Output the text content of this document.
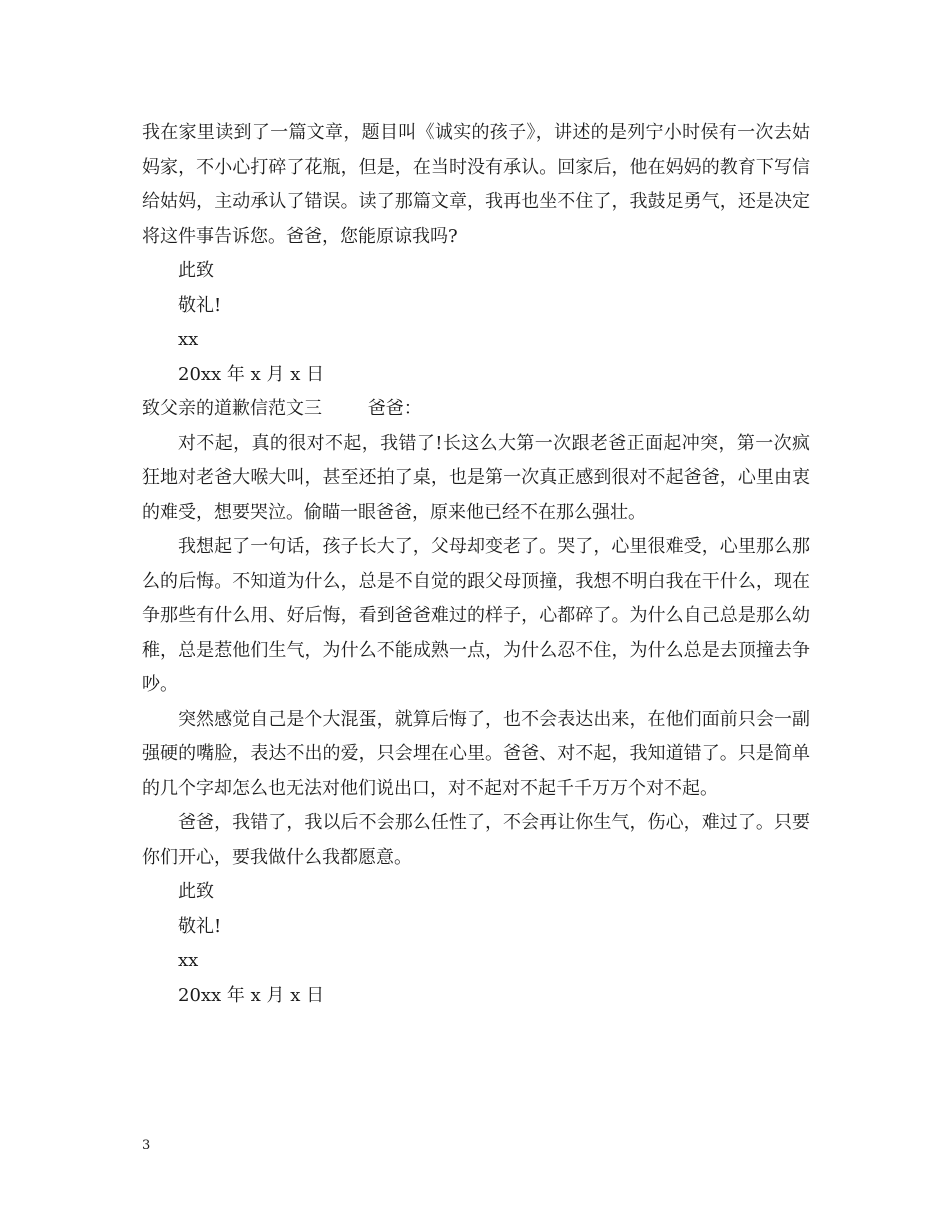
我在家里读到了一篇文章，题目叫《诚实的孩子》，讲述的是列宁小时侯有一次去姑妈家，不小心打碎了花瓶，但是，在当时没有承认。回家后，他在妈妈的教育下写信给姑妈，主动承认了错误。读了那篇文章，我再也坐不住了，我鼓足勇气，还是决定将这件事告诉您。爸爸，您能原谅我吗?

此致

敬礼!

xx

20xx 年 x 月 x 日

致父亲的道歉信范文三	爸爸：

对不起，真的很对不起，我错了!长这么大第一次跟老爸正面起冲突，第一次疯狂地对老爸大喉大叫，甚至还拍了桌，也是第一次真正感到很对不起爸爸，心里由衷的难受，想要哭泣。偷瞄一眼爸爸，原来他已经不在那么强壮。

我想起了一句话，孩子长大了，父母却变老了。哭了，心里很难受，心里那么那么的后悔。不知道为什么，总是不自觉的跟父母顶撞，我想不明白我在干什么，现在争那些有什么用、好后悔，看到爸爸难过的样子，心都碎了。为什么自己总是那么幼稚，总是惹他们生气，为什么不能成熟一点，为什么忍不住，为什么总是去顶撞去争吵。

突然感觉自己是个大混蛋，就算后悔了，也不会表达出来，在他们面前只会一副强硬的嘴脸，表达不出的爱，只会埋在心里。爸爸、对不起，我知道错了。只是简单的几个字却怎么也无法对他们说出口，对不起对不起千千万万个对不起。

爸爸，我错了，我以后不会那么任性了，不会再让你生气，伤心，难过了。只要你们开心，要我做什么我都愿意。

此致

敬礼!

xx

20xx 年 x 月 x 日

3
